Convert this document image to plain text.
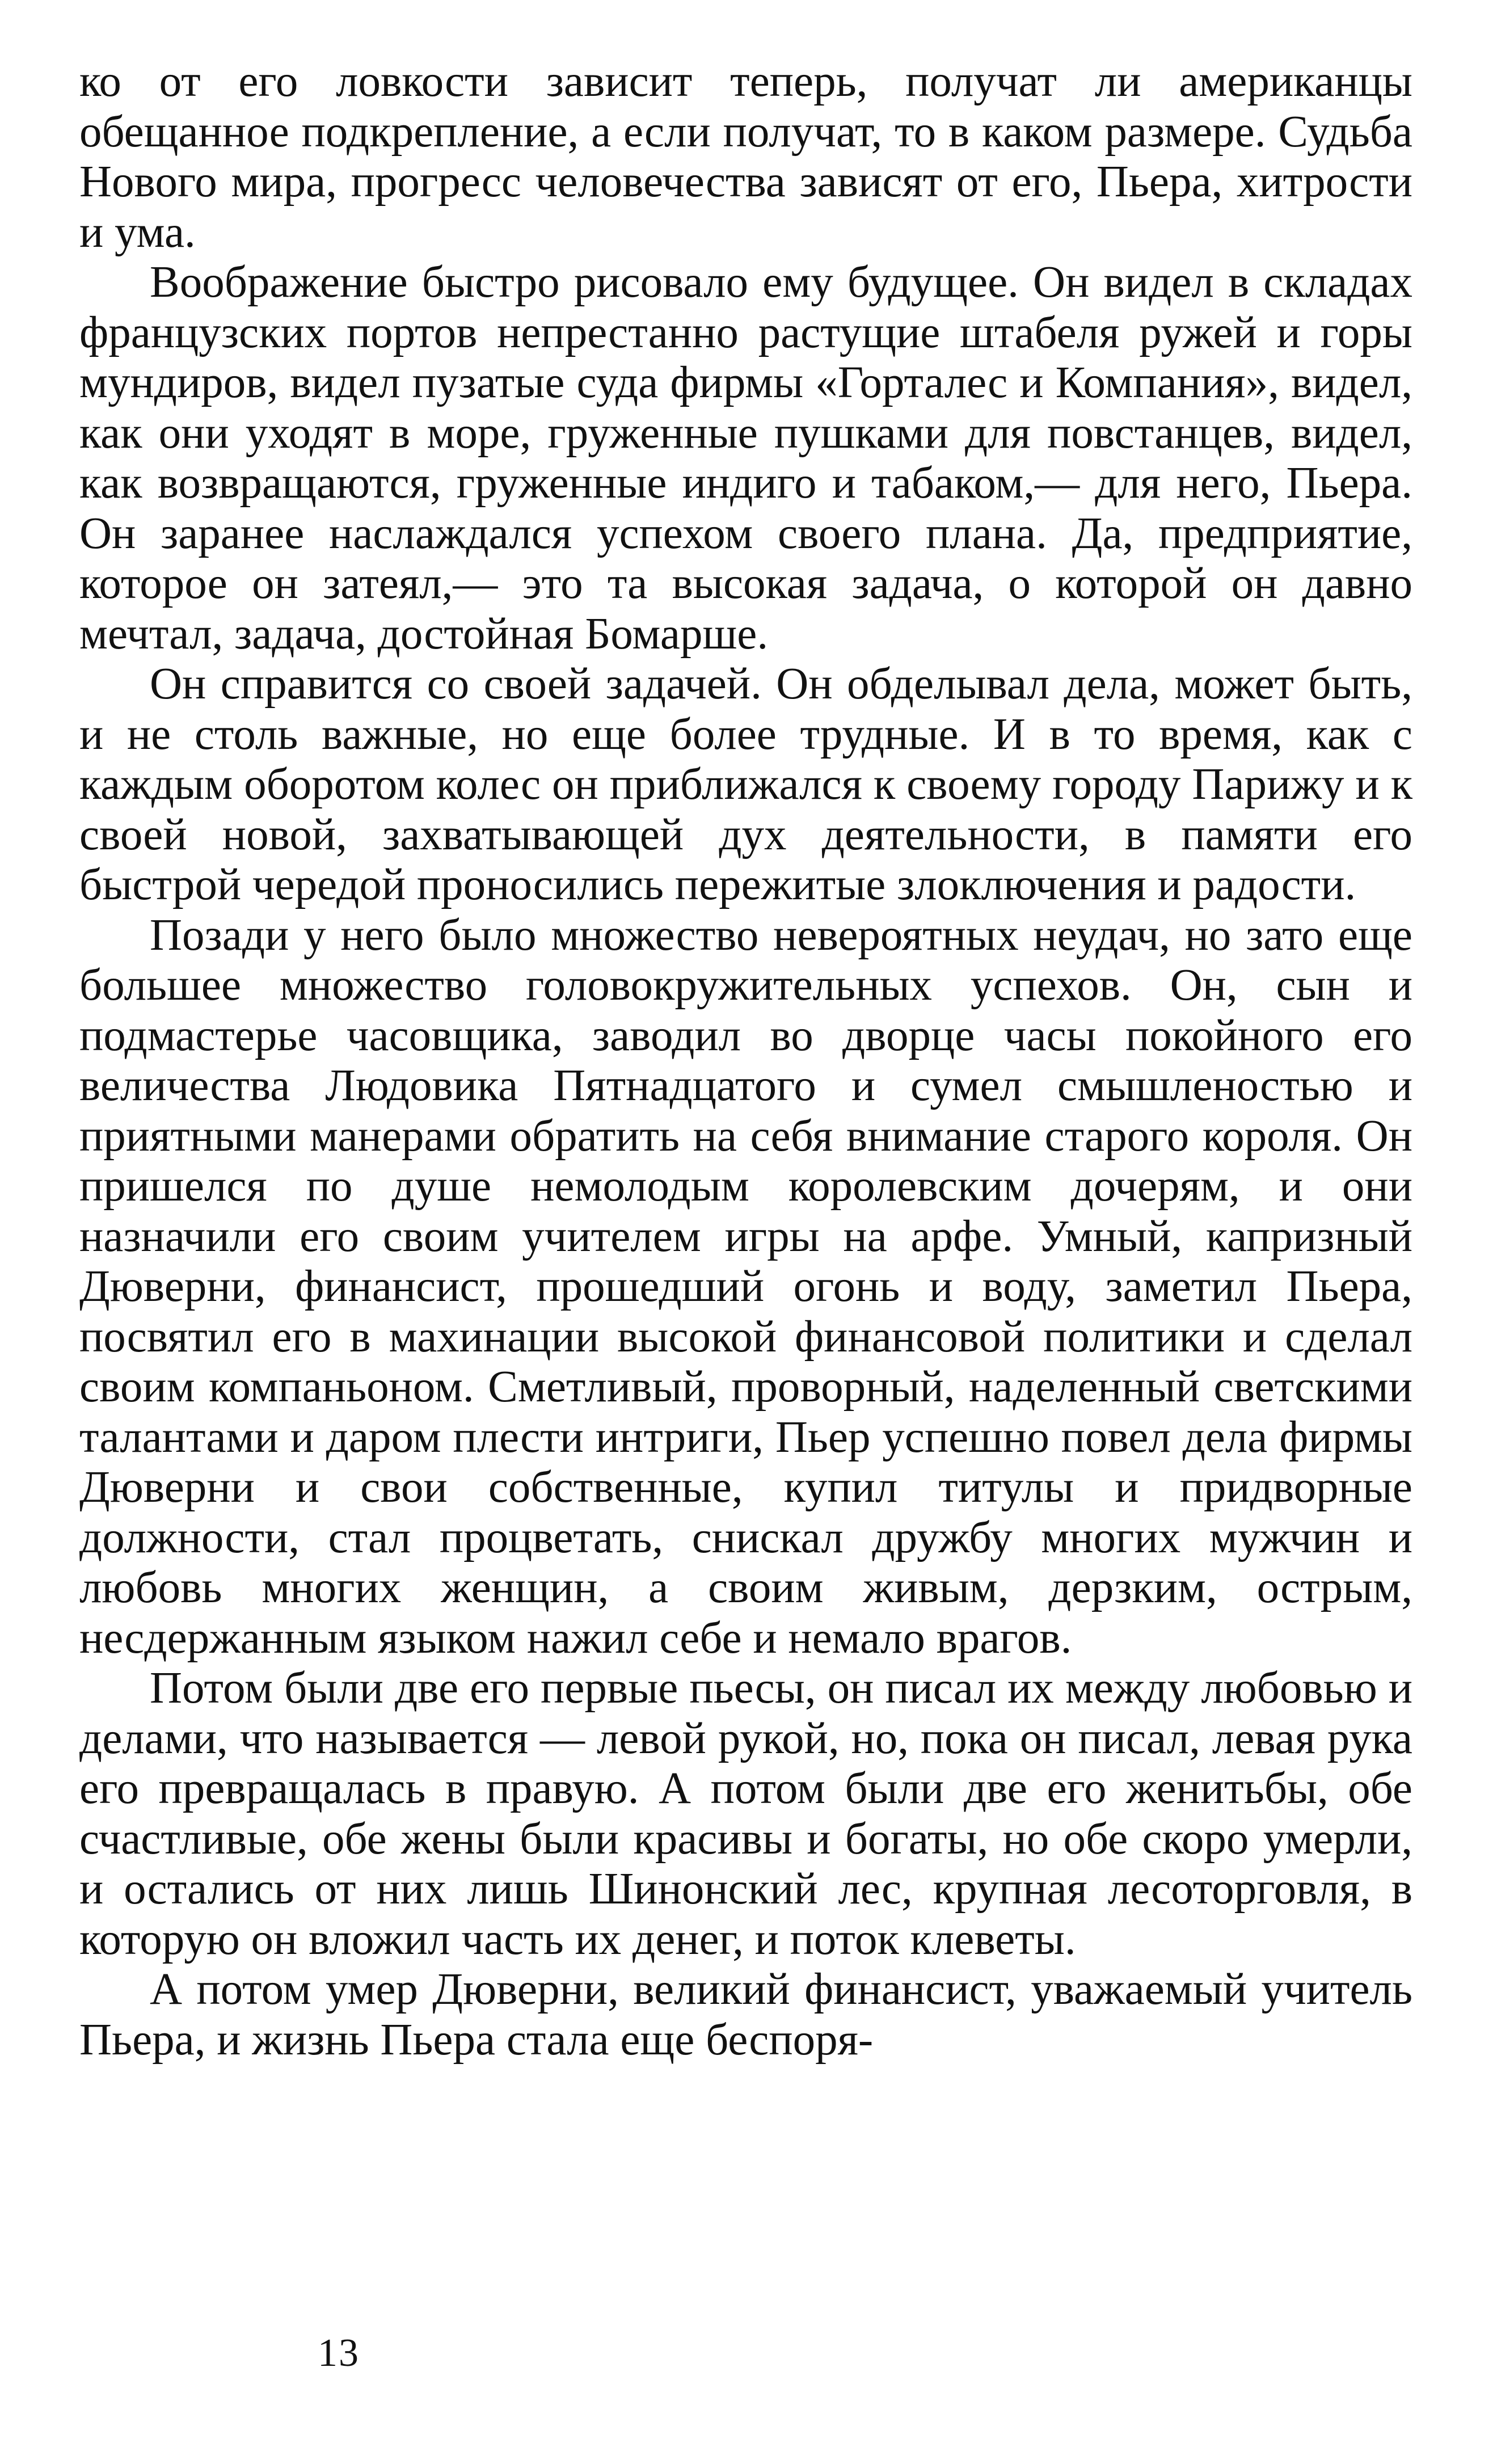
ко от его ловкости зависит теперь, получат ли американцы обещанное подкрепление, а если получат, то в каком размере. Судьба Нового мира, прогресс человечества зависят от его, Пьера, хитрости и ума.

Воображение быстро рисовало ему будущее. Он видел в складах французских портов непрестанно растущие штабеля ружей и горы мундиров, видел пузатые суда фирмы «Горталес и Компания», видел, как они уходят в море, груженные пушками для повстанцев, видел, как возвращаются, груженные индиго и табаком,— для него, Пьера. Он заранее наслаждался успехом своего плана. Да, предприятие, которое он затеял,— это та высокая задача, о которой он давно мечтал, задача, достойная Бомарше.

Он справится со своей задачей. Он обделывал дела, может быть, и не столь важные, но еще более трудные. И в то время, как с каждым оборотом колес он приближался к своему городу Парижу и к своей новой, захватывающей дух деятельности, в памяти его быстрой чередой проносились пережитые злоключения и радости.

Позади у него было множество невероятных неудач, но зато еще большее множество головокружительных успехов. Он, сын и подмастерье часовщика, заводил во дворце часы покойного его величества Людовика Пятнадцатого и сумел смышленостью и приятными манерами обратить на себя внимание старого короля. Он пришелся по душе немолодым королевским дочерям, и они назначили его своим учителем игры на арфе. Умный, капризный Дюверни, финансист, прошедший огонь и воду, заметил Пьера, посвятил его в махинации высокой финансовой политики и сделал своим компаньоном. Сметливый, проворный, наделенный светскими талантами и даром плести интриги, Пьер успешно повел дела фирмы Дюверни и свои собственные, купил титулы и придворные должности, стал процветать, снискал дружбу многих мужчин и любовь многих женщин, а своим живым, дерзким, острым, несдержанным языком нажил себе и немало врагов.

Потом были две его первые пьесы, он писал их между любовью и делами, что называется — левой рукой, но, пока он писал, левая рука его превращалась в правую. А потом были две его женитьбы, обе счастливые, обе жены были красивы и богаты, но обе скоро умерли, и остались от них лишь Шинонский лес, крупная лесоторговля, в которую он вложил часть их денег, и поток клеветы.

А потом умер Дюверни, великий финансист, уважаемый учитель Пьера, и жизнь Пьера стала еще беспоря-

13
